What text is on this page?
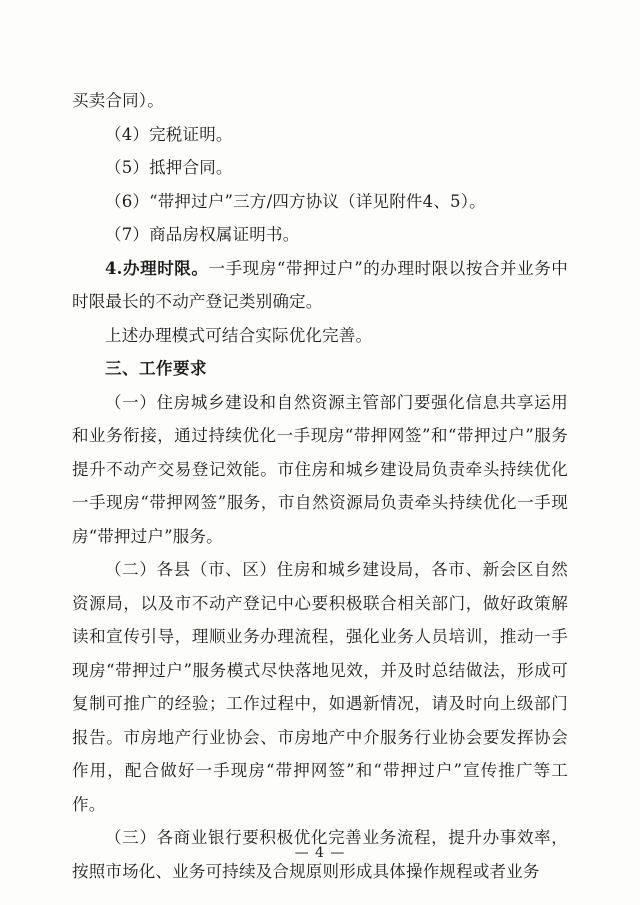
买卖合同）。

（4）完税证明。

（5）抵押合同。

（6）“带押过户”三方/四方协议（详见附件4、5）。

（7）商品房权属证明书。

4.办理时限。一手现房“带押过户”的办理时限以按合并业务中时限最长的不动产登记类别确定。

上述办理模式可结合实际优化完善。

三、工作要求

（一）住房城乡建设和自然资源主管部门要强化信息共享运用和业务衔接，通过持续优化一手现房“带押网签”和“带押过户”服务提升不动产交易登记效能。市住房和城乡建设局负责牵头持续优化一手现房“带押网签”服务，市自然资源局负责牵头持续优化一手现房“带押过户”服务。

（二）各县（市、区）住房和城乡建设局，各市、新会区自然资源局，以及市不动产登记中心要积极联合相关部门，做好政策解读和宣传引导，理顺业务办理流程，强化业务人员培训，推动一手现房“带押过户”服务模式尽快落地见效，并及时总结做法，形成可复制可推广的经验；工作过程中，如遇新情况，请及时向上级部门报告。市房地产行业协会、市房地产中介服务行业协会要发挥协会作用，配合做好一手现房“带押网签”和“带押过户”宣传推广等工作。

（三）各商业银行要积极优化完善业务流程，提升办事效率，按照市场化、业务可持续及合规原则形成具体操作规程或者业务

— 4 —
